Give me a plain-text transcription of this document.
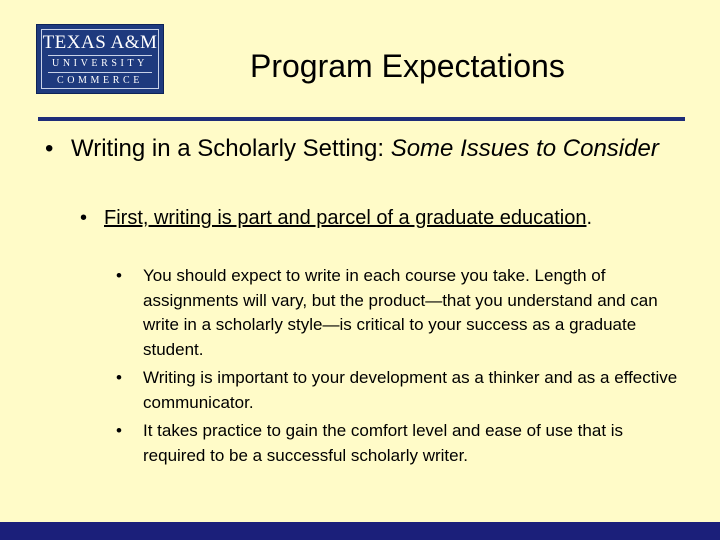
TEXAS A&M
UNIVERSITY
COMMERCE	Program Expectations
• Writing in a Scholarly Setting: Some Issues to Consider
• First, writing is part and parcel of a graduate education.
• You should expect to write in each course you take. Length of assignments will vary, but the product—that you understand and can write in a scholarly style—is critical to your success as a graduate student.
• Writing is important to your development as a thinker and as a effective communicator.
• It takes practice to gain the comfort level and ease of use that is required to be a successful scholarly writer.
